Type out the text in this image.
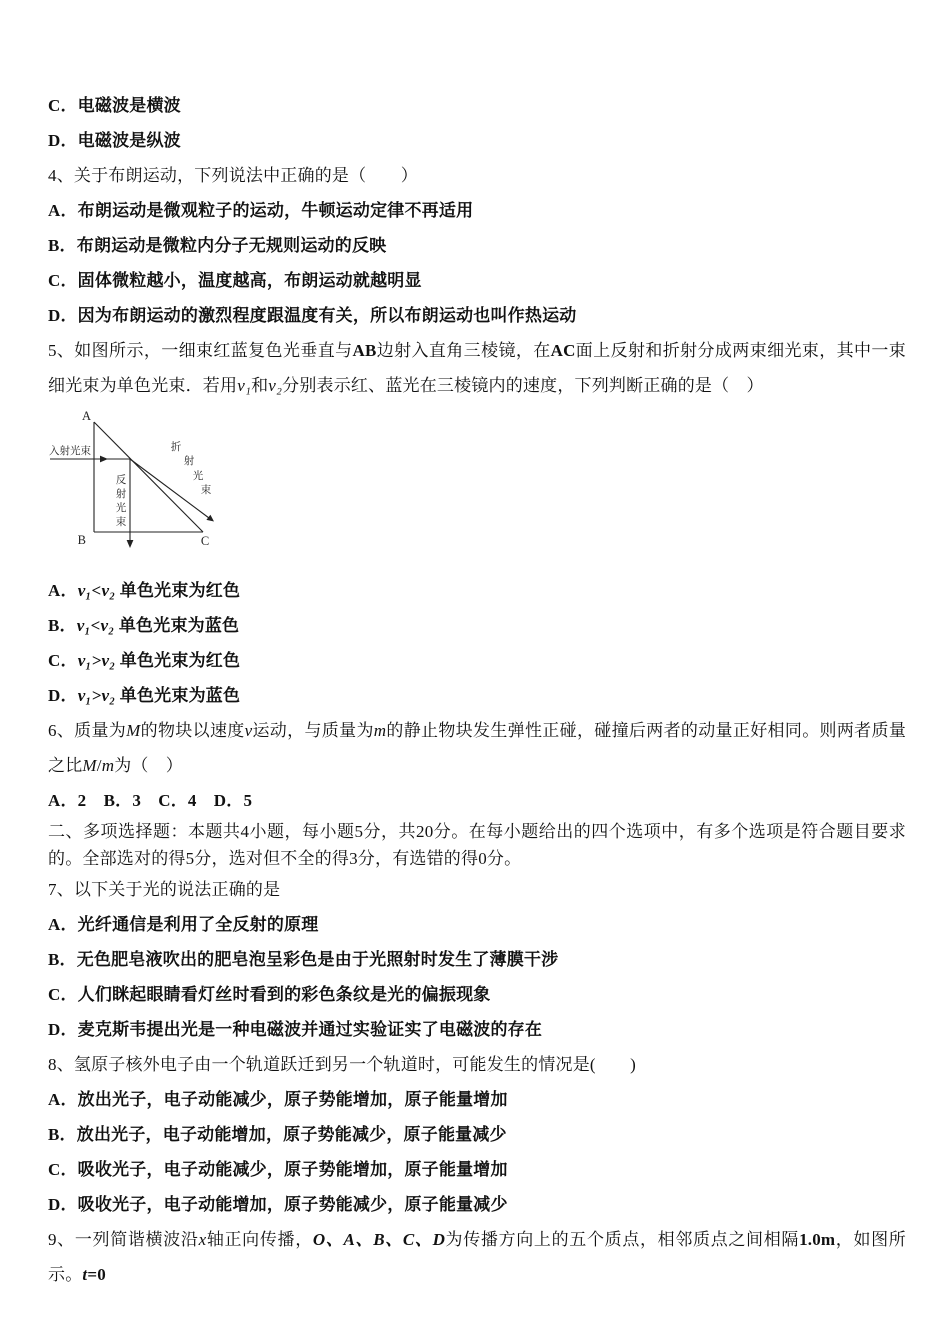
C．电磁波是横波

D．电磁波是纵波

4、关于布朗运动，下列说法中正确的是（　　）

A．布朗运动是微观粒子的运动，牛顿运动定律不再适用

B．布朗运动是微粒内分子无规则运动的反映

C．固体微粒越小，温度越高，布朗运动就越明显

D．因为布朗运动的激烈程度跟温度有关，所以布朗运动也叫作热运动

5、如图所示，一细束红蓝复色光垂直与AB边射入直角三棱镜，在AC面上反射和折射分成两束细光束，其中一束细光束为单色光束．若用v₁和v₂分别表示红、蓝光在三棱镜内的速度，下列判断正确的是（　）

A
B	C
入射光束
反
射
光
束
折
射
光
束

A．v₁<v₂ 单色光束为红色

B．v₁<v₂ 单色光束为蓝色

C．v₁>v₂ 单色光束为红色

D．v₁>v₂ 单色光束为蓝色

6、质量为M的物块以速度v运动，与质量为m的静止物块发生弹性正碰，碰撞后两者的动量正好相同。则两者质量之比M/m为（　）

A．2　B．3　C．4　D．5

二、多项选择题：本题共4小题，每小题5分，共20分。在每小题给出的四个选项中，有多个选项是符合题目要求的。全部选对的得5分，选对但不全的得3分，有选错的得0分。

7、以下关于光的说法正确的是

A．光纤通信是利用了全反射的原理

B．无色肥皂液吹出的肥皂泡呈彩色是由于光照射时发生了薄膜干涉

C．人们眯起眼睛看灯丝时看到的彩色条纹是光的偏振现象

D．麦克斯韦提出光是一种电磁波并通过实验证实了电磁波的存在

8、氢原子核外电子由一个轨道跃迁到另一个轨道时，可能发生的情况是(　　)

A．放出光子，电子动能减少，原子势能增加，原子能量增加

B．放出光子，电子动能增加，原子势能减少，原子能量减少

C．吸收光子，电子动能减少，原子势能增加，原子能量增加

D．吸收光子，电子动能增加，原子势能减少，原子能量减少

9、一列简谐横波沿x轴正向传播，O、A、B、C、D为传播方向上的五个质点，相邻质点之间相隔1.0m，如图所示。t=0
